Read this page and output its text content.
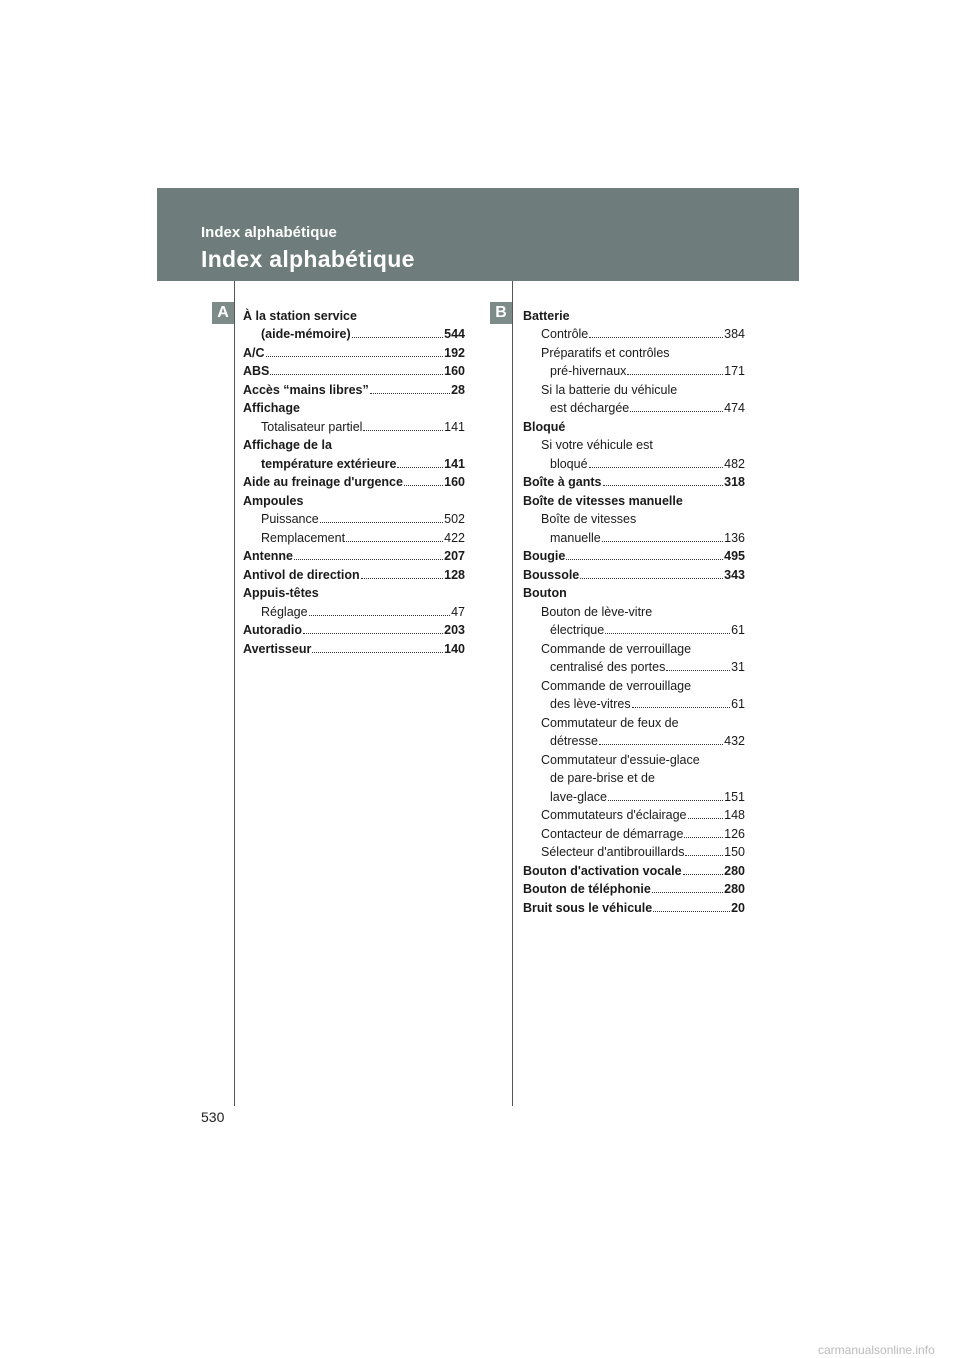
Index alphabétique
Index alphabétique
A	B
À la station service
(aide-mémoire)	544
A/C	192
ABS	160
Accès “mains libres”	28
Affichage
Totalisateur partiel	141
Affichage de la
température extérieure	141
Aide au freinage d'urgence	160
Ampoules
Puissance	502
Remplacement	422
Antenne	207
Antivol de direction	128
Appuis-têtes
Réglage	47
Autoradio	203
Avertisseur	140
Batterie
Contrôle	384
Préparatifs et contrôles
pré-hivernaux	171
Si la batterie du véhicule
est déchargée	474
Bloqué
Si votre véhicule est
bloqué	482
Boîte à gants	318
Boîte de vitesses manuelle
Boîte de vitesses
manuelle	136
Bougie	495
Boussole	343
Bouton
Bouton de lève-vitre
électrique	61
Commande de verrouillage
centralisé des portes	31
Commande de verrouillage
des lève-vitres	61
Commutateur de feux de
détresse	432
Commutateur d'essuie-glace
de pare-brise et de
lave-glace	151
Commutateurs d'éclairage	148
Contacteur de démarrage	126
Sélecteur d'antibrouillards	150
Bouton d'activation vocale	280
Bouton de téléphonie	280
Bruit sous le véhicule	20
530
carmanualsonline.info
